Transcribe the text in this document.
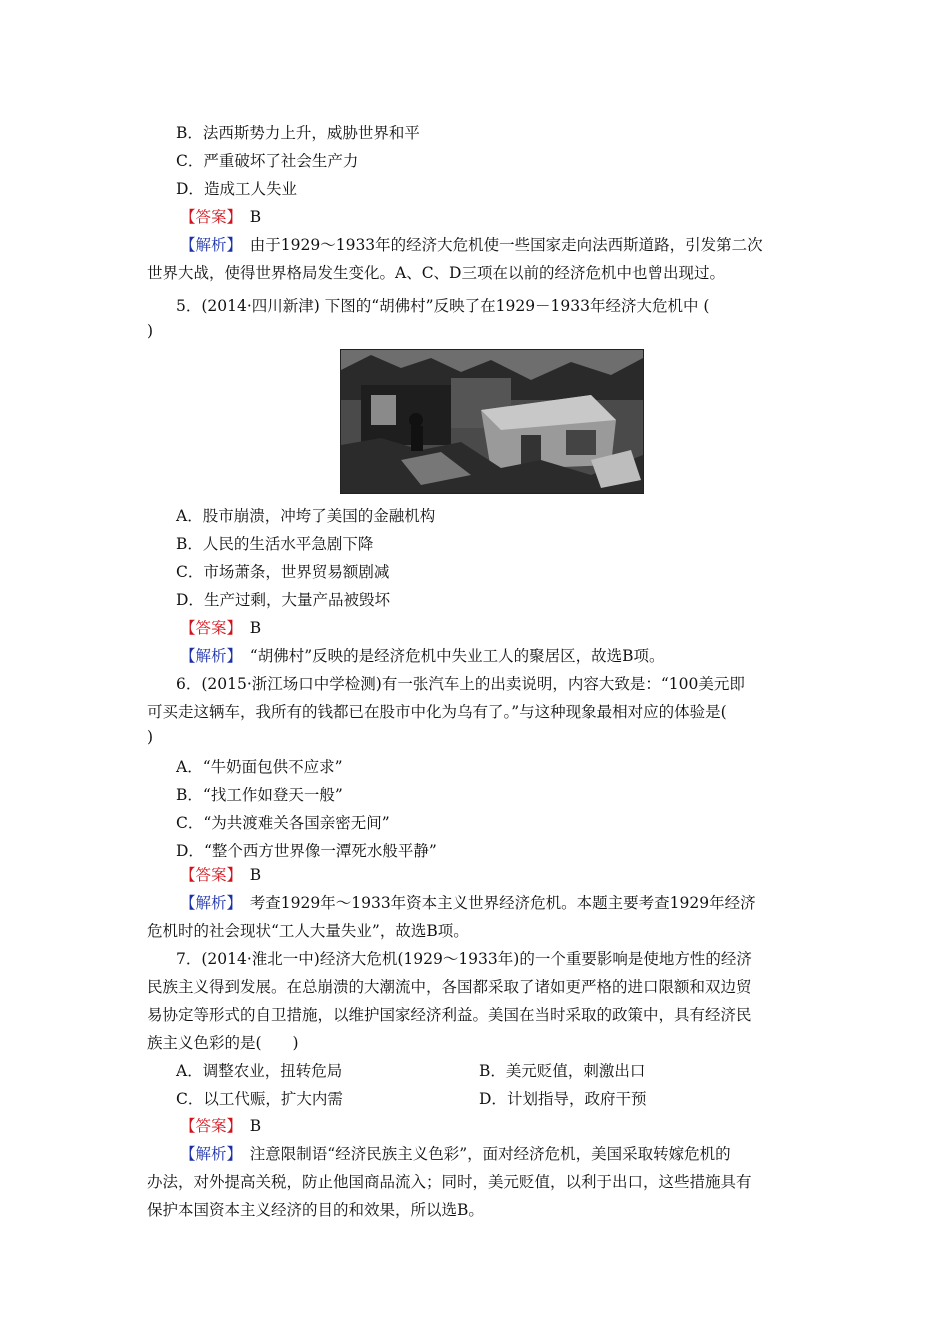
B．法西斯势力上升，威胁世界和平
C．严重破坏了社会生产力
D．造成工人失业
【答案】　 B
【解析】　 由于1929～1933年的经济大危机使一些国家走向法西斯道路，引发第二次
世界大战，使得世界格局发生变化。A、C、D三项在以前的经济危机中也曾出现过。
5．(2014·四川新津) 下图的“胡佛村”反映了在1929－1933年经济大危机中 (
)
A．股市崩溃，冲垮了美国的金融机构
B．人民的生活水平急剧下降
C．市场萧条，世界贸易额剧减
D．生产过剩，大量产品被毁坏
【答案】　 B
【解析】　 “胡佛村”反映的是经济危机中失业工人的聚居区，故选B项。
6．(2015·浙江场口中学检测)有一张汽车上的出卖说明，内容大致是：“100美元即
可买走这辆车，我所有的钱都已在股市中化为乌有了。”与这种现象最相对应的体验是(
)
A．“牛奶面包供不应求”
B．“找工作如登天一般”
C．“为共渡难关各国亲密无间”
D．“整个西方世界像一潭死水般平静”
【答案】　 B
【解析】　 考查1929年～1933年资本主义世界经济危机。本题主要考查1929年经济
危机时的社会现状“工人大量失业”，故选B项。
7．(2014·淮北一中)经济大危机(1929～1933年)的一个重要影响是使地方性的经济
民族主义得到发展。在总崩溃的大潮流中，各国都采取了诸如更严格的进口限额和双边贸
易协定等形式的自卫措施，以维护国家经济利益。美国在当时采取的政策中，具有经济民
族主义色彩的是(　　)
A．调整农业，扭转危局	B．美元贬值，刺激出口
C．以工代赈，扩大内需	D．计划指导，政府干预
【答案】　 B
【解析】　 注意限制语“经济民族主义色彩”，面对经济危机，美国采取转嫁危机的
办法，对外提高关税，防止他国商品流入；同时，美元贬值，以利于出口，这些措施具有
保护本国资本主义经济的目的和效果，所以选B。
